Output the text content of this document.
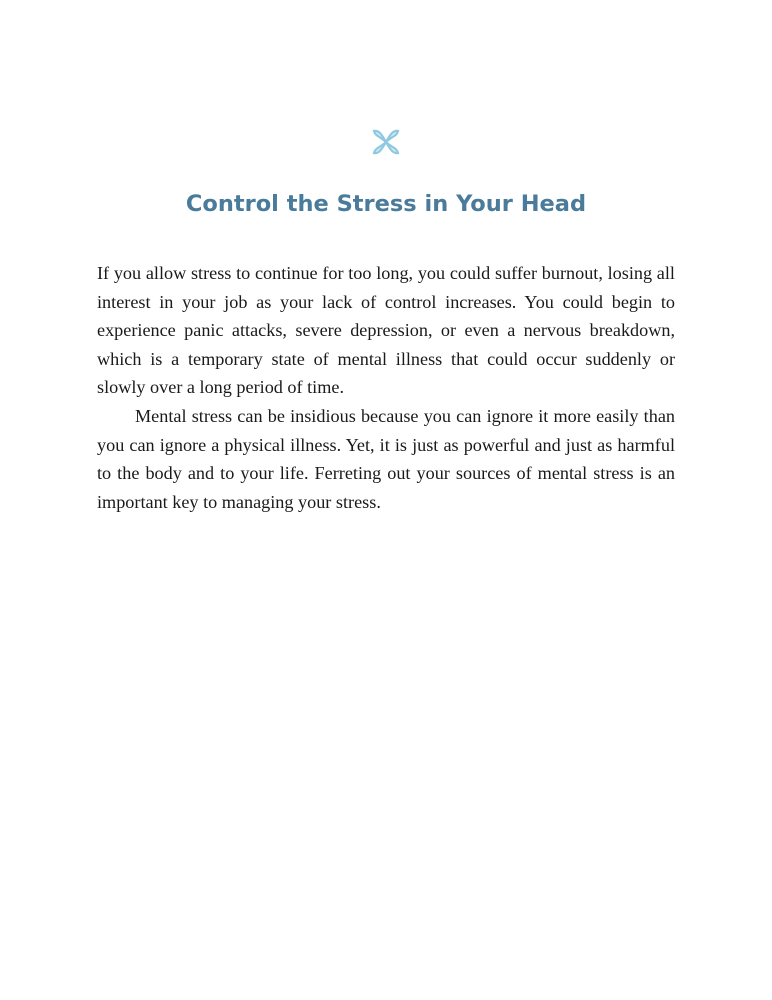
Control the Stress in Your Head

If you allow stress to continue for too long, you could suffer burnout, losing all interest in your job as your lack of control increases. You could begin to experience panic attacks, severe depression, or even a nervous breakdown, which is a temporary state of mental illness that could occur suddenly or slowly over a long period of time.

Mental stress can be insidious because you can ignore it more easily than you can ignore a physical illness. Yet, it is just as powerful and just as harmful to the body and to your life. Ferreting out your sources of mental stress is an important key to managing your stress.
